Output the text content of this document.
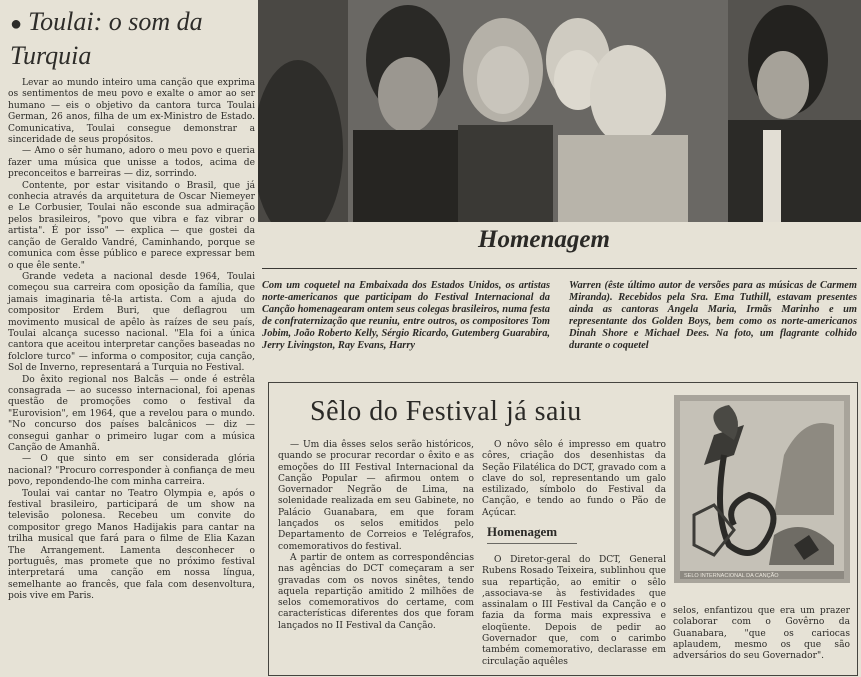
● Toulai: o som da Turquia

Levar ao mundo inteiro uma canção que exprima os sentimentos de meu povo e exalte o amor ao ser humano — eis o objetivo da cantora turca Toulai German, 26 anos, filha de um ex-Ministro de Estado. Comunicativa, Toulai consegue demonstrar a sinceridade de seus propósitos.

— Amo o sêr humano, adoro o meu povo e queria fazer uma música que unisse a todos, acima de preconceitos e barreiras — diz, sorrindo.

Contente, por estar visitando o Brasil, que já conhecia através da arquitetura de Oscar Niemeyer e Le Corbusier, Toulai não esconde sua admiração pelos brasileiros, "povo que vibra e faz vibrar o artista". É por isso" — explica — que gostei da canção de Geraldo Vandré, Caminhando, porque se comunica com êsse público e parece expressar bem o que êle sente."

Grande vedeta a nacional desde 1964, Toulai começou sua carreira com oposição da família, que jamais imaginaria tê-la artista. Com a ajuda do compositor Erdem Buri, que deflagrou um movimento musical de apêlo às raízes de seu país, Toulai alcança sucesso nacional. "Ela foi a única cantora que aceitou interpretar canções baseadas no folclore turco" — informa o compositor, cuja canção, Sol de Inverno, representará a Turquia no Festival.

Do êxito regional nos Balcãs — onde é estrêla consagrada — ao sucesso internacional, foi apenas questão de promoções como o festival da "Eurovision", em 1964, que a revelou para o mundo. "No concurso dos países balcânicos — diz — consegui ganhar o primeiro lugar com a música Canção de Amanhã.

— O que sinto em ser considerada glória nacional? "Procuro corresponder à confiança de meu povo, repondendo-lhe com minha carreira.

Toulai vai cantar no Teatro Olympia e, após o festival brasileiro, participará de um show na televisão polonesa. Recebeu um convite do compositor grego Manos Hadijakis para cantar na trilha musical que fará para o filme de Elia Kazan The Arrangement. Lamenta desconhecer o português, mas promete que no próximo festival interpretará uma canção em nossa língua, semelhante ao francês, que fala com desenvoltura, pois vive em Paris.

Homenagem
Com um coquetel na Embaixada dos Estados Unidos, os artistas norte-americanos que participam do Festival Internacional da Canção homenagearam ontem seus colegas brasileiros, numa festa de confraternização que reuniu, entre outros, os compositores Tom Jobim, João Roberto Kelly, Sérgio Ricardo, Gutemberg Guarabira, Jerry Livingston, Ray Evans, Harry
Warren (êste último autor de versões para as músicas de Carmem Miranda). Recebidos pela Sra. Ema Tuthill, estavam presentes ainda as cantoras Angela Maria, Irmãs Marinho e um representante dos Golden Boys, bem como os norte-americanos Dinah Shore e Michael Dees. Na foto, um flagrante colhido durante o coquetel
Sêlo do Festival já saiu

— Um dia êsses selos serão históricos, quando se procurar recordar o êxito e as emoções do III Festival Internacional da Canção Popular — afirmou ontem o Governador Negrão de Lima, na solenidade realizada em seu Gabinete, no Palácio Guanabara, em que foram lançados os selos emitidos pelo Departamento de Correios e Telégrafos, comemorativos do festival.

A partir de ontem as correspondências nas agências do DCT começaram a ser gravadas com os novos sinêtes, tendo aquela repartição amitido 2 milhões de selos comemorativos do certame, com características diferentes dos que foram lançados no II Festival da Canção.

O nôvo sêlo é impresso em quatro côres, criação dos desenhistas da Seção Filatélica do DCT, gravado com a clave do sol, representando um galo estilizado, símbolo do Festival da Canção, e tendo ao fundo o Pão de Açúcar.

Homenagem

O Diretor-geral do DCT, General Rubens Rosado Teixeira, sublinhou que sua repartição, ao emitir o sêlo ,associava-se às festividades que assinalam o III Festival da Canção e o fazia da forma mais expressiva e eloqüente. Depois de pedir ao Governador que, com o carimbo também comemorativo, declarasse em circulação aquêles

SELO INTERNACIONAL DA CANÇÃO

selos, enfantizou que era um prazer colaborar com o Govêrno da Guanabara, "que os cariocas aplaudem, mesmo os que são adversários do seu Governador".
